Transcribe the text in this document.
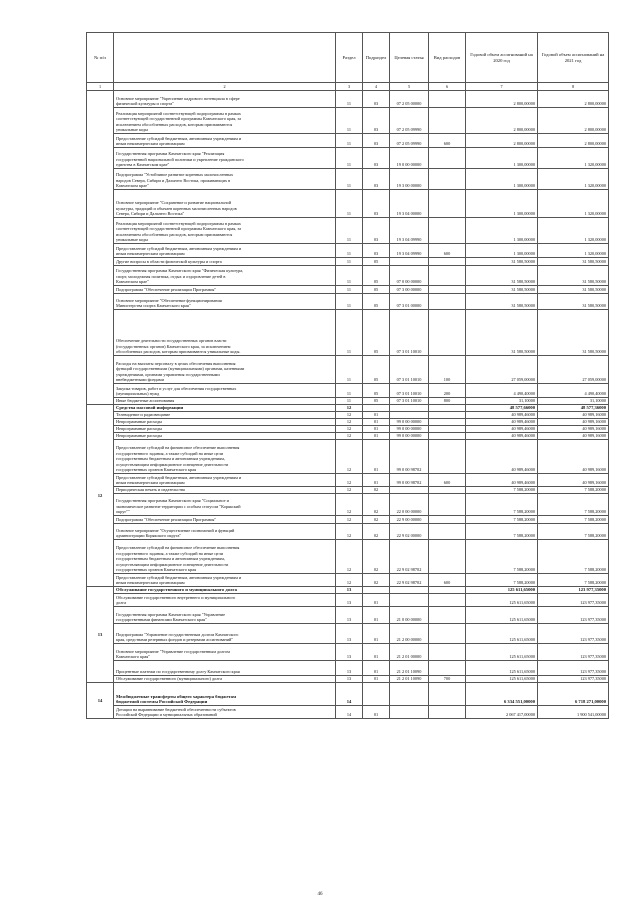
№ п/п		Раздел	Подраздел	Целевая статья	Вид расходов	Годовой объем ассигнований на 2020 год	Годовой объем ассигнований на 2021 год
1	2	3	4	5	6	7	8

	Основное мероприятие "Укрепление кадрового потенциала в сфере
физической культуры и спорта"	11	03	07 2 05 00000		2 800,00000	2 800,00000

	Реализация мероприятий соответствующей подпрограммы в рамках
соответствующей государственной программы Камчатского края, за
исключением обособленных расходов, которым присваиваются
уникальные коды	11	03	07 2 05 09990		2 800,00000	2 800,00000

	Предоставление субсидий бюджетным, автономным учреждениям и
иным некоммерческим организациям	11	03	07 2 05 09990	600	2 800,00000	2 800,00000

	Государственная программа Камчатского края "Реализация
государственной национальной политики и укрепление гражданского
единства в Камчатском крае"	11	03	19 0 00 00000		1 300,00000	1 320,00000

	Подпрограмма "Устойчивое развитие коренных малочисленных
народов Севера, Сибири и Дальнего Востока, проживающих в
Камчатском крае"	11	03	19 3 00 00000		1 300,00000	1 320,00000

	Основное мероприятие "Сохранение и развитие национальной
культуры, традиций и обычаев коренных малочисленных народов
Севера, Сибири и Дальнего Востока"	11	03	19 3 04 00000		1 300,00000	1 320,00000

	Реализация мероприятий соответствующей подпрограммы в рамках
соответствующей государственной программы Камчатского края, за
исключением обособленных расходов, которым присваиваются
уникальные коды	11	03	19 3 04 09990		1 300,00000	1 320,00000

	Предоставление субсидий бюджетным, автономным учреждениям и
иным некоммерческим организациям	11	03	19 3 04 09990	600	1 300,00000	1 320,00000

	Другие вопросы в области физической культуры и спорта	11	05			31 580,50000	31 580,50000

	Государственная программа Камчатского края "Физическая культура,
спорт, молодежная политика, отдых и оздоровление детей в
Камчатском крае"	11	05	07 0 00 00000		31 580,50000	31 580,50000

	Подпрограмма "Обеспечение реализации Программы"	11	05	07 3 00 00000		31 580,50000	31 580,50000

	Основное мероприятие "Обеспечение функционирования
Министерства спорта Камчатского края"	11	05	07 3 01 00000		31 580,50000	31 580,50000

	Обеспечение деятельности государственных органов власти
(государственных органов) Камчатского края, за исключением
обособленных расходов, которым присваиваются уникальные коды.	11	05	07 3 01 10010		31 580,50000	31 580,50000

	Расходы на выплаты персоналу в целях обеспечения выполнения
функций государственными (муниципальными) органами, казенными
учреждениями, органами управления государственными
внебюджетными фондами	11	05	07 3 01 10010	100	27 059,00000	27 059,00000

	Закупка товаров, работ и услуг для обеспечения государственных
(муниципальных) нужд	11	05	07 3 01 10010	200	4 490,40000	4 490,40000

	Иные бюджетные ассигнования	11	05	07 3 01 10010	800	31,10000	31,10000
12	Средства массовой информации	12				48 577,66000	48 577,36000

	Телевидение и радиовещание	12	01			40 989,46000	40 989,16000

	Непрограммные расходы	12	01	99 0 00 00000		40 989,46000	40 989,16000

	Непрограммные расходы	12	01	99 0 00 00000		40 989,46000	40 989,16000

	Непрограммные расходы	12	01	99 0 00 00000		40 989,46000	40 989,16000

	Предоставление субсидий на финансовое обеспечение выполнения
государственного задания, а также субсидий на иные цели
государственным бюджетным и автономным учреждениям,
осуществляющим информационное освещение деятельности
государственных органов Камчатского края	12	01	99 0 00 98702		40 989,46000	40 989,16000

	Предоставление субсидий бюджетным, автономным учреждениям и
иным некоммерческим организациям	12	01	99 0 00 98702	600	40 989,46000	40 989,16000

	Периодическая печать и издательства	12	02			7 588,20000	7 588,20000

	Государственная программа Камчатского края "Социальное и
экономическое развитие территории с особым статусом "Корякский
округ""	12	02	22 0 00 00000		7 588,20000	7 588,20000

	Подпрограмма "Обеспечение реализации Программы"	12	02	22 9 00 00000		7 588,20000	7 588,20000

	Основное мероприятие "Осуществление полномочий и функций
администрации Корякского округа"	12	02	22 9 02 00000		7 588,20000	7 588,20000

	Предоставление субсидий на финансовое обеспечение выполнения
государственного задания, а также субсидий на иные цели
государственным бюджетным и автономным учреждениям,
осуществляющим информационное освещение деятельности
государственных органов Камчатского края	12	02	22 9 02 98702		7 588,20000	7 588,20000

	Предоставление субсидий бюджетным, автономным учреждениям и
иным некоммерческим организациям	12	02	22 9 02 98702	600	7 588,20000	7 588,20000
13	Обслуживание государственного и муниципального долга	13				125 611,65000	123 977,35000

	Обслуживание государственного внутреннего и муниципального
долга	13	01			125 611,65000	123 977,35000

	Государственная программа Камчатского края "Управление
государственными финансами Камчатского края"	13	01	21 0 00 00000		125 611,65000	123 977,35000

	Подпрограмма "Управление государственным долгом Камчатского
края, средствами резервных фондов и резервами ассигнований"	13	01	21 2 00 00000		125 611,65000	123 977,35000

	Основное мероприятие "Управление государственным долгом
Камчатского края"	13	01	21 2 01 00000		125 611,65000	123 977,35000

	Процентные платежи по государственному долгу Камчатского края	13	01	21 2 01 10090		125 611,65000	123 977,35000

	Обслуживание государственного (муниципального) долга	13	01	21 2 01 10090	700	125 611,65000	123 977,35000
14	Межбюджетные трансферты общего характера бюджетам
бюджетной системы Российской Федерации	14				6 334 551,00000	6 718 271,00000

	Дотации на выравнивание бюджетной обеспеченности субъектов
Российской Федерации и муниципальных образований	14	01			2 067 417,00000	1 900 541,00000
46
